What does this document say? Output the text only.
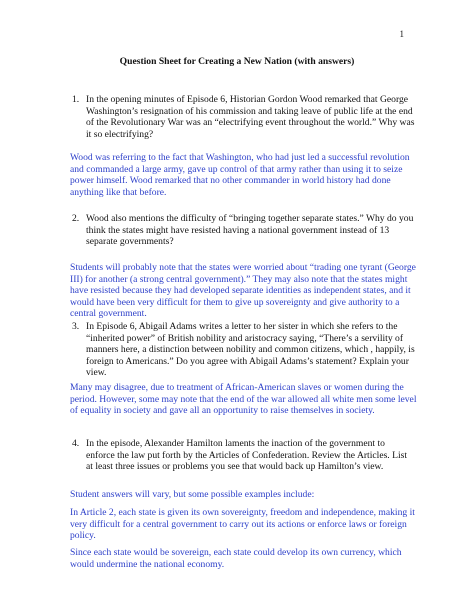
1
Question Sheet for Creating a New Nation (with answers)
1. In the opening minutes of Episode 6, Historian Gordon Wood remarked that George Washington’s resignation of his commission and taking leave of public life at the end of the Revolutionary War was an “electrifying event throughout the world.” Why was it so electrifying?

Wood was referring to the fact that Washington, who had just led a successful revolution and commanded a large army, gave up control of that army rather than using it to seize power himself. Wood remarked that no other commander in world history had done anything like that before.

2. Wood also mentions the difficulty of “bringing together separate states.” Why do you think the states might have resisted having a national government instead of 13 separate governments?

Students will probably note that the states were worried about “trading one tyrant (George III) for another (a strong central government).” They may also note that the states might have resisted because they had developed separate identities as independent states, and it would have been very difficult for them to give up sovereignty and give authority to a central government.

3. In Episode 6, Abigail Adams writes a letter to her sister in which she refers to the “inherited power” of British nobility and aristocracy saying, “There’s a servility of manners here, a distinction between nobility and common citizens, which , happily, is foreign to Americans.” Do you agree with Abigail Adams’s statement? Explain your view.

Many may disagree, due to treatment of African-American slaves or women during the period. However, some may note that the end of the war allowed all white men some level of equality in society and gave all an opportunity to raise themselves in society.

4. In the episode, Alexander Hamilton laments the inaction of the government to enforce the law put forth by the Articles of Confederation. Review the Articles. List at least three issues or problems you see that would back up Hamilton’s view.

Student answers will vary, but some possible examples include:

In Article 2, each state is given its own sovereignty, freedom and independence, making it very difficult for a central government to carry out its actions or enforce laws or foreign policy.

Since each state would be sovereign, each state could develop its own currency, which would undermine the national economy.
